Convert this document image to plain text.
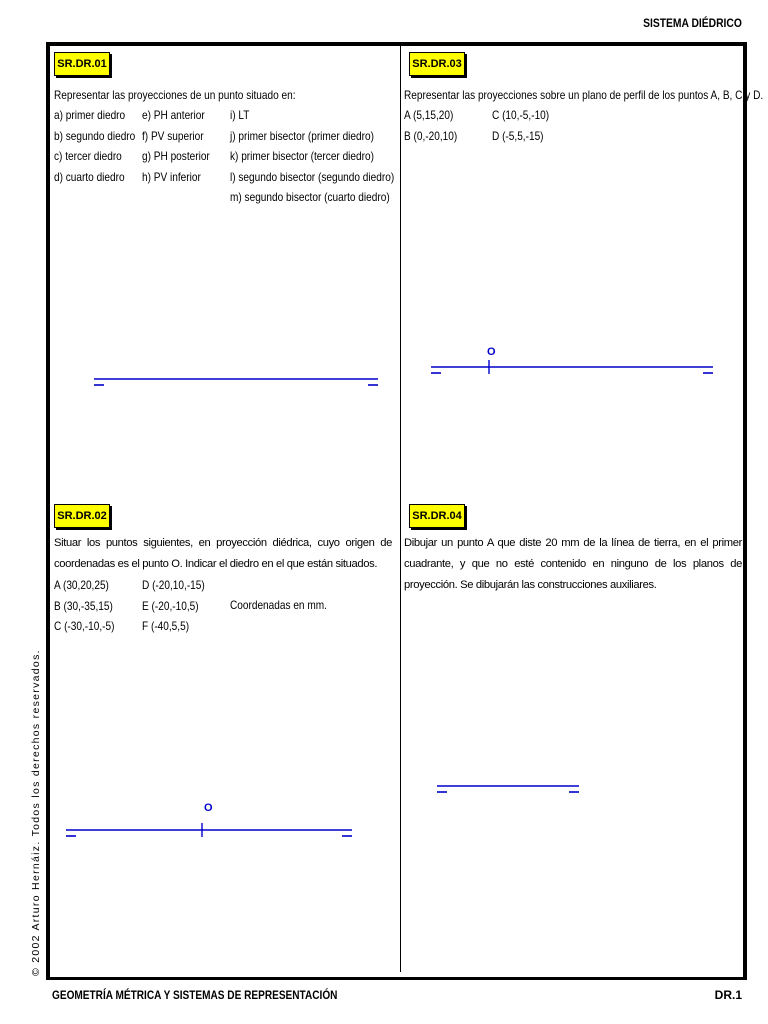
SISTEMA DIÉDRICO
SR.DR.01
Representar las proyecciones de un punto situado en:
a) primer diedro
b) segundo diedro
c) tercer diedro
d) cuarto diedro
e) PH anterior
f) PV superior
g) PH posterior
h) PV inferior
i) LT
j) primer bisector (primer diedro)
k) primer bisector (tercer diedro)
l) segundo bisector (segundo diedro)
m) segundo bisector (cuarto diedro)
SR.DR.03
Representar las proyecciones sobre un plano de perfil de los puntos A, B, C y D.
A (5,15,20)
B (0,-20,10)
C (10,-5,-10)
D (-5,5,-15)
O
SR.DR.02
Situar los puntos siguientes, en proyección diédrica, cuyo origen de coordenadas es el punto O. Indicar el diedro en el que están situados.
A (30,20,25)
B (30,-35,15)
C (-30,-10,-5)
D (-20,10,-15)
E (-20,-10,5)
F (-40,5,5)
Coordenadas en mm.
O
SR.DR.04
Dibujar un punto A que diste 20 mm de la línea de tierra, en el primer cuadrante, y que no esté contenido en ninguno de los planos de proyección. Se dibujarán las construcciones auxiliares.
© 2002 Arturo Hernáiz. Todos los derechos reservados.
GEOMETRÍA MÉTRICA Y SISTEMAS DE REPRESENTACIÓN	DR.1
